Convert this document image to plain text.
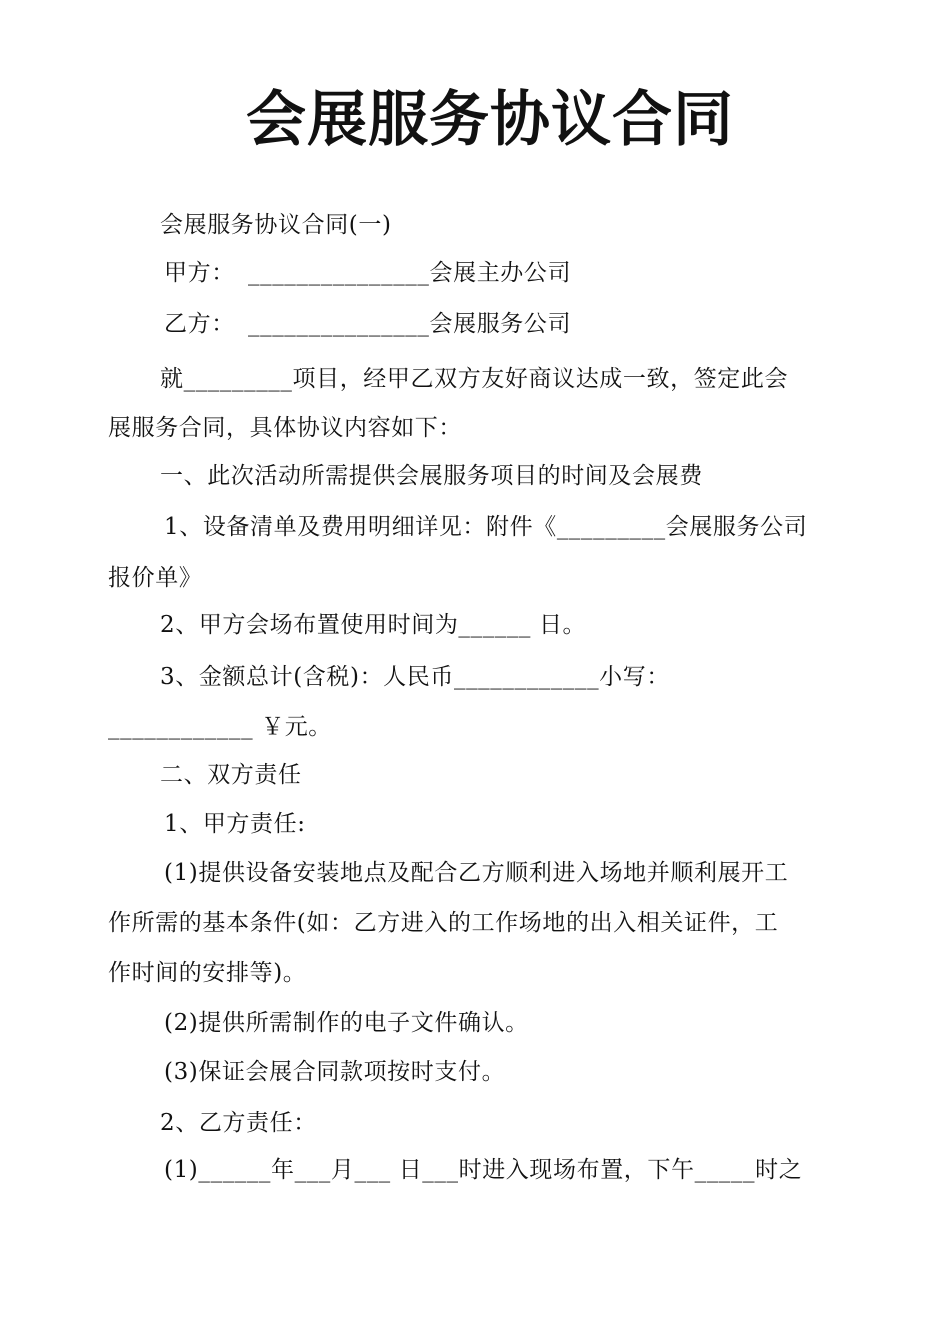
会展服务协议合同
会展服务协议合同(一)
甲方： _______________会展主办公司
乙方： _______________会展服务公司
就_________项目，经甲乙双方友好商议达成一致，签定此会
展服务合同，具体协议内容如下：
一、此次活动所需提供会展服务项目的时间及会展费
1、设备清单及费用明细详见：附件《_________会展服务公司
报价单》
2、甲方会场布置使用时间为______ 日。
3、金额总计(含税)：人民币____________小写：
____________ ￥元。
二、双方责任
1、甲方责任:
(1)提供设备安装地点及配合乙方顺利进入场地并顺利展开工
作所需的基本条件(如：乙方进入的工作场地的出入相关证件，工
作时间的安排等)。
(2)提供所需制作的电子文件确认。
(3)保证会展合同款项按时支付。
2、乙方责任：
(1)______年___月___ 日___时进入现场布置，下午_____时之
